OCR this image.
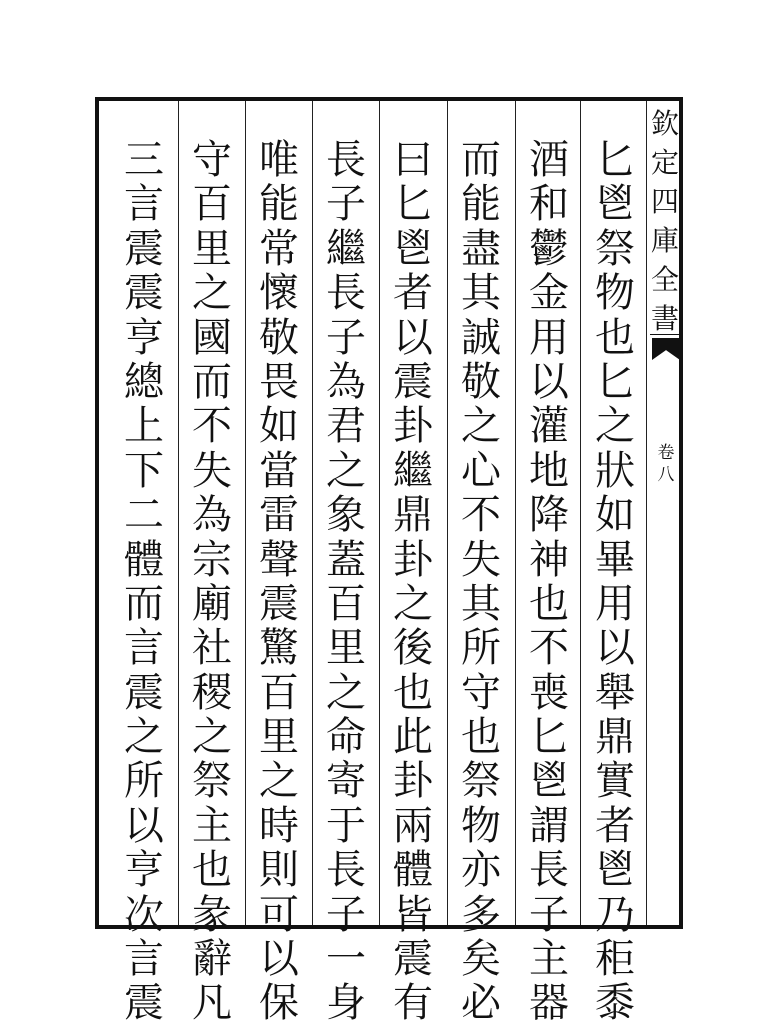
欽
定
四
庫
全
書
卷
八
匕
鬯
祭
物
也
匕
之
狀
如
畢
用
以
舉
鼎
實
者
鬯
乃
秬
黍
酒
和
鬱
金
用
以
灌
地
降
神
也
不
喪
匕
鬯
謂
長
子
主
器
而
能
盡
其
誠
敬
之
心
不
失
其
所
守
也
祭
物
亦
多
矣
必
曰
匕
鬯
者
以
震
卦
繼
鼎
卦
之
後
也
此
卦
兩
體
皆
震
有
長
子
繼
長
子
為
君
之
象
蓋
百
里
之
命
寄
于
長
子
一
身
唯
能
常
懷
敬
畏
如
當
雷
聲
震
驚
百
里
之
時
則
可
以
保
守
百
里
之
國
而
不
失
為
宗
廟
社
稷
之
祭
主
也
彖
辭
凡
三
言
震
震
亨
總
上
下
二
體
而
言
震
之
所
以
亨
次
言
震
